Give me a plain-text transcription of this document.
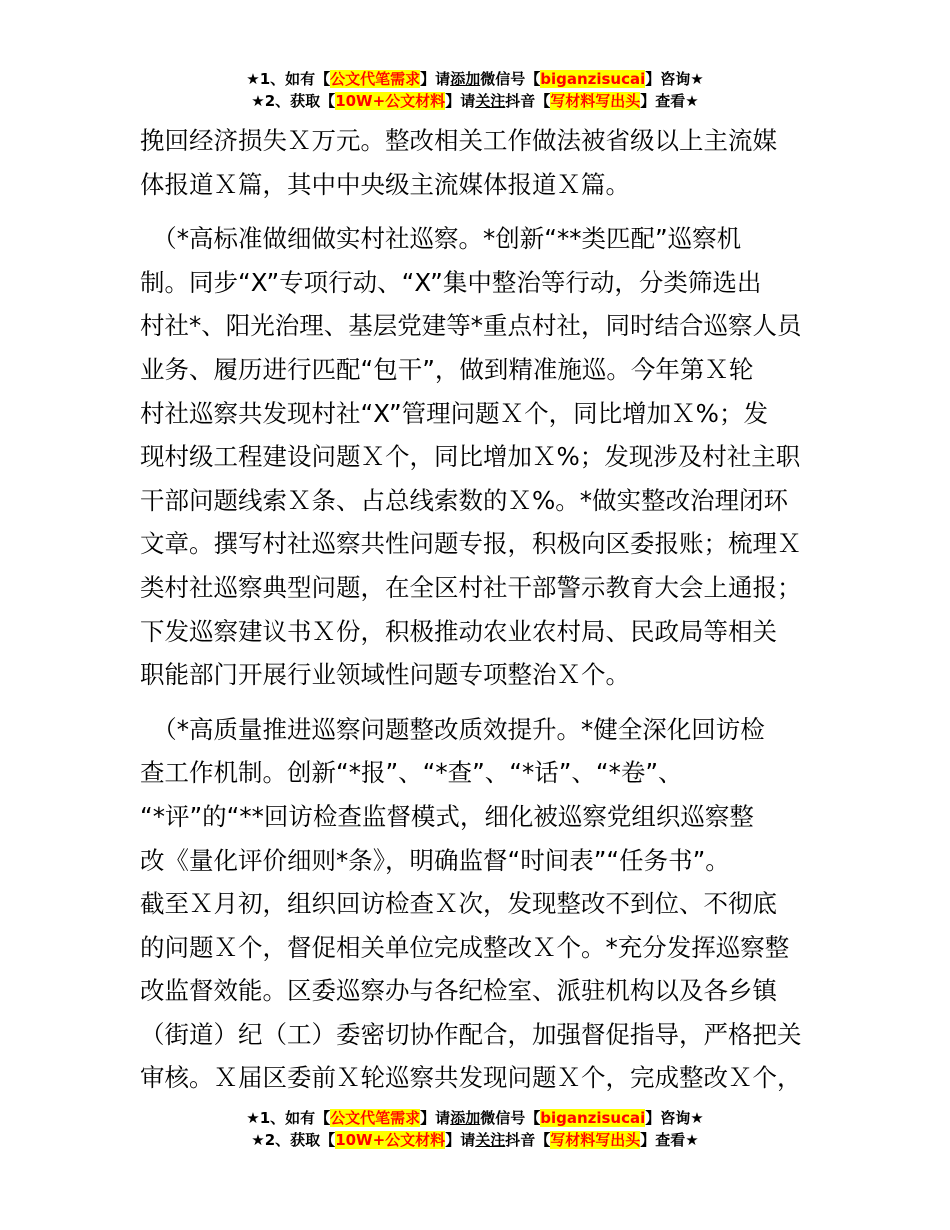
★1、如有【公文代笔需求】请添加微信号【biganzisucai】咨询★
★2、获取【10W+公文材料】请关注抖音【写材料写出头】查看★
挽回经济损失Ｘ万元。整改相关工作做法被省级以上主流媒
体报道Ｘ篇，其中中央级主流媒体报道Ｘ篇。
　（*高标准做细做实村社巡察。*创新“**类匹配”巡察机
制。同步“X”专项行动、“X”集中整治等行动，分类筛选出
村社*、阳光治理、基层党建等*重点村社，同时结合巡察人员
业务、履历进行匹配“包干”，做到精准施巡。今年第Ｘ轮
村社巡察共发现村社“X”管理问题Ｘ个，同比增加Ｘ%；发
现村级工程建设问题Ｘ个，同比增加Ｘ%；发现涉及村社主职
干部问题线索Ｘ条、占总线索数的Ｘ%。*做实整改治理闭环
文章。撰写村社巡察共性问题专报，积极向区委报账；梳理Ｘ
类村社巡察典型问题，在全区村社干部警示教育大会上通报；
下发巡察建议书Ｘ份，积极推动农业农村局、民政局等相关
职能部门开展行业领域性问题专项整治Ｘ个。
　（*高质量推进巡察问题整改质效提升。*健全深化回访检
查工作机制。创新“*报”、“*查”、“*话”、“*卷”、
“*评”的“**回访检查监督模式，细化被巡察党组织巡察整
改《量化评价细则*条》，明确监督“时间表”“任务书”。
截至Ｘ月初，组织回访检查Ｘ次，发现整改不到位、不彻底
的问题Ｘ个，督促相关单位完成整改Ｘ个。*充分发挥巡察整
改监督效能。区委巡察办与各纪检室、派驻机构以及各乡镇
（街道）纪（工）委密切协作配合，加强督促指导，严格把关
审核。Ｘ届区委前Ｘ轮巡察共发现问题Ｘ个，完成整改Ｘ个，
★1、如有【公文代笔需求】请添加微信号【biganzisucai】咨询★
★2、获取【10W+公文材料】请关注抖音【写材料写出头】查看★
